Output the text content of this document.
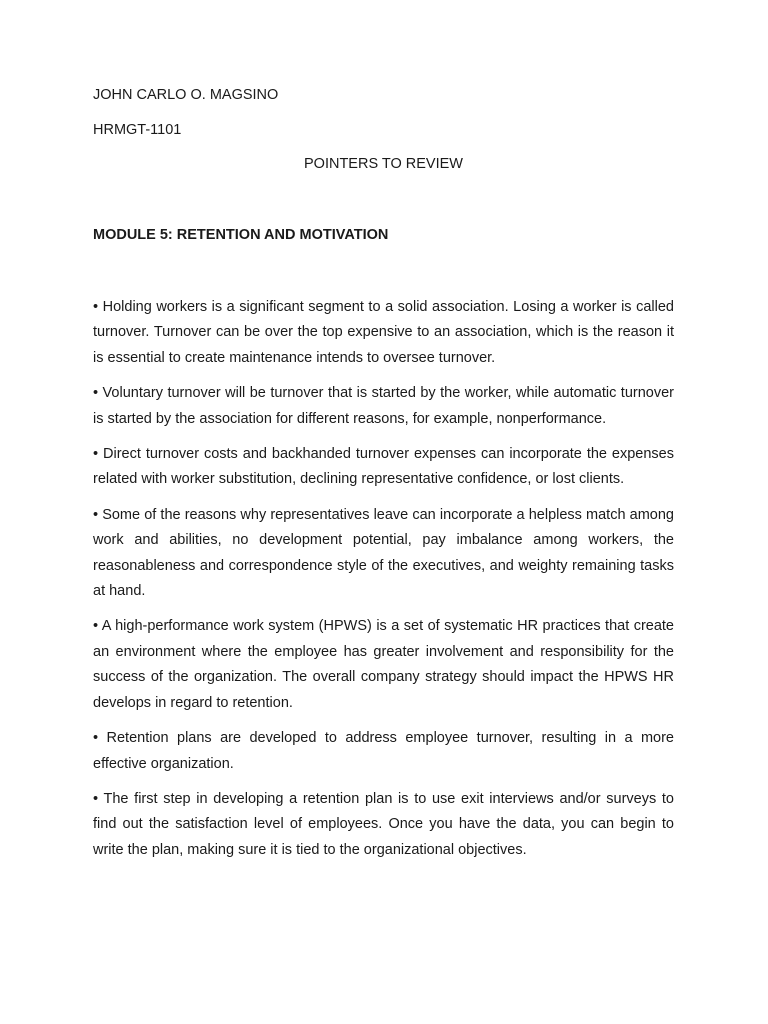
JOHN CARLO O. MAGSINO

HRMGT-1101

POINTERS TO REVIEW

MODULE 5: RETENTION AND MOTIVATION

• Holding workers is a significant segment to a solid association. Losing a worker is called turnover. Turnover can be over the top expensive to an association, which is the reason it is essential to create maintenance intends to oversee turnover.
• Voluntary turnover will be turnover that is started by the worker, while automatic turnover is started by the association for different reasons, for example, nonperformance.
• Direct turnover costs and backhanded turnover expenses can incorporate the expenses related with worker substitution, declining representative confidence, or lost clients.
• Some of the reasons why representatives leave can incorporate a helpless match among work and abilities, no development potential, pay imbalance among workers, the reasonableness and correspondence style of the executives, and weighty remaining tasks at hand.
• A high-performance work system (HPWS) is a set of systematic HR practices that create an environment where the employee has greater involvement and responsibility for the success of the organization. The overall company strategy should impact the HPWS HR develops in regard to retention.
• Retention plans are developed to address employee turnover, resulting in a more effective organization.
• The first step in developing a retention plan is to use exit interviews and/or surveys to find out the satisfaction level of employees. Once you have the data, you can begin to write the plan, making sure it is tied to the organizational objectives.
